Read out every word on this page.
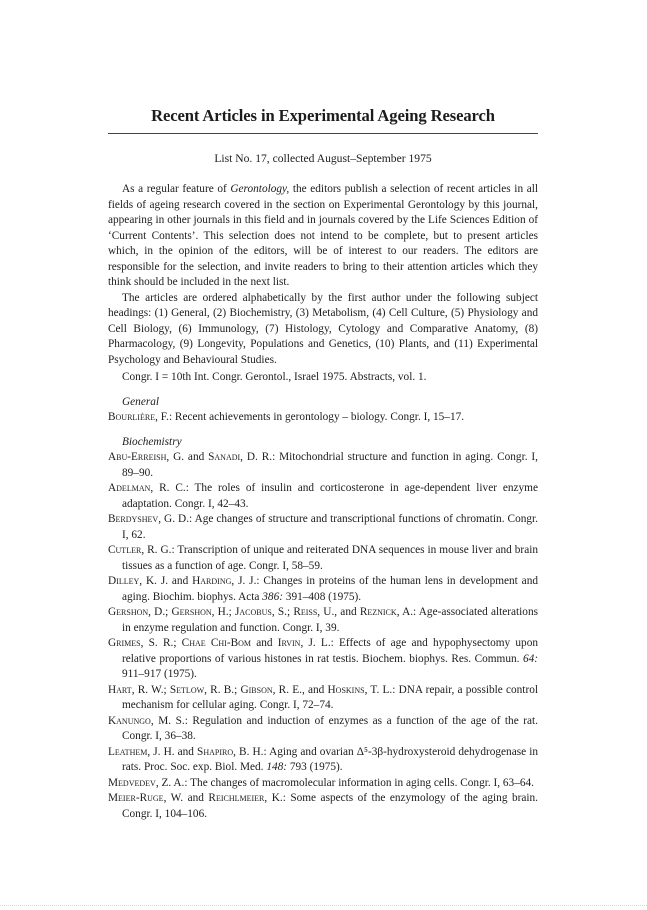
Recent Articles in Experimental Ageing Research
List No. 17, collected August–September 1975

As a regular feature of Gerontology, the editors publish a selection of recent articles in all fields of ageing research covered in the section on Experimental Gerontology by this journal, appearing in other journals in this field and in journals covered by the Life Sciences Edition of ‘Current Contents’. This selection does not intend to be complete, but to present articles which, in the opinion of the editors, will be of interest to our readers. The editors are responsible for the selection, and invite readers to bring to their attention articles which they think should be included in the next list.

The articles are ordered alphabetically by the first author under the following subject headings: (1) General, (2) Biochemistry, (3) Metabolism, (4) Cell Culture, (5) Physiology and Cell Biology, (6) Immunology, (7) Histology, Cytology and Comparative Anatomy, (8) Pharmacology, (9) Longevity, Populations and Genetics, (10) Plants, and (11) Experimental Psychology and Behavioural Studies.

Congr. I = 10th Int. Congr. Gerontol., Israel 1975. Abstracts, vol. 1.

General

Bourlière, F.: Recent achievements in gerontology – biology. Congr. I, 15–17.

Biochemistry

Abu-Erreish, G. and Sanadi, D. R.: Mitochondrial structure and function in aging. Congr. I, 89–90.

Adelman, R. C.: The roles of insulin and corticosterone in age-dependent liver enzyme adaptation. Congr. I, 42–43.

Berdyshev, G. D.: Age changes of structure and transcriptional functions of chromatin. Congr. I, 62.

Cutler, R. G.: Transcription of unique and reiterated DNA sequences in mouse liver and brain tissues as a function of age. Congr. I, 58–59.

Dilley, K. J. and Harding, J. J.: Changes in proteins of the human lens in development and aging. Biochim. biophys. Acta 386: 391–408 (1975).

Gershon, D.; Gershon, H.; Jacobus, S.; Reiss, U., and Reznick, A.: Age-associated alterations in enzyme regulation and function. Congr. I, 39.

Grimes, S. R.; Chae Chi-Bom and Irvin, J. L.: Effects of age and hypophysectomy upon relative proportions of various histones in rat testis. Biochem. biophys. Res. Commun. 64: 911–917 (1975).

Hart, R. W.; Setlow, R. B.; Gibson, R. E., and Hoskins, T. L.: DNA repair, a possible control mechanism for cellular aging. Congr. I, 72–74.

Kanungo, M. S.: Regulation and induction of enzymes as a function of the age of the rat. Congr. I, 36–38.

Leathem, J. H. and Shapiro, B. H.: Aging and ovarian Δ⁵-3β-hydroxysteroid dehydrogenase in rats. Proc. Soc. exp. Biol. Med. 148: 793 (1975).

Medvedev, Z. A.: The changes of macromolecular information in aging cells. Congr. I, 63–64.

Meier-Ruge, W. and Reichlmeier, K.: Some aspects of the enzymology of the aging brain. Congr. I, 104–106.
